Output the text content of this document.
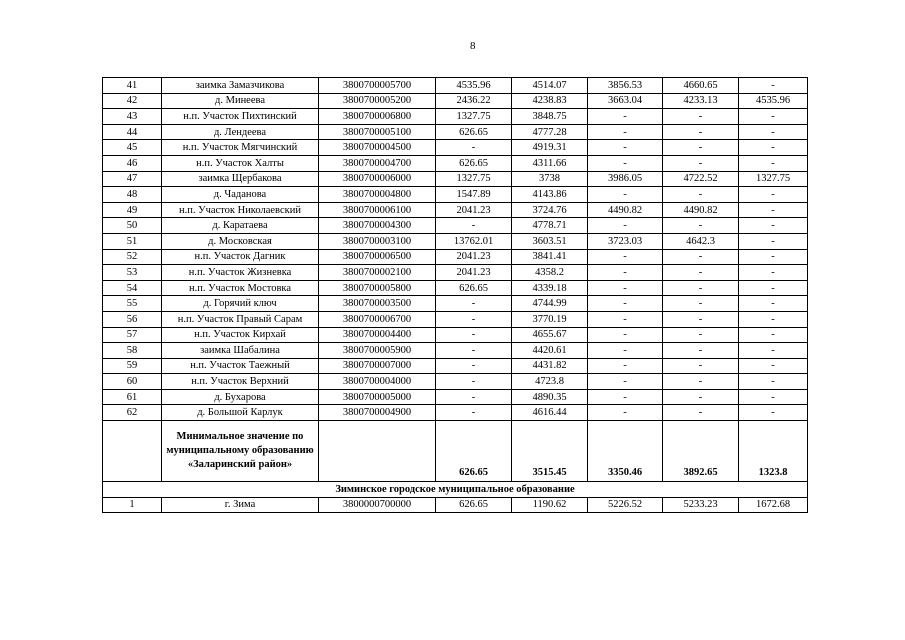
8
41	заимка Замазчикова	3800700005700	4535.96	4514.07	3856.53	4660.65	-
42	д. Минеева	3800700005200	2436.22	4238.83	3663.04	4233.13	4535.96
43	н.п. Участок Пихтинский	3800700006800	1327.75	3848.75	-	-	-
44	д. Лендеева	3800700005100	626.65	4777.28	-	-	-
45	н.п. Участок Мягчинский	3800700004500	-	4919.31	-	-	-
46	н.п. Участок Халты	3800700004700	626.65	4311.66	-	-	-
47	заимка Щербакова	3800700006000	1327.75	3738	3986.05	4722.52	1327.75
48	д. Чаданова	3800700004800	1547.89	4143.86	-	-	-
49	н.п. Участок Николаевский	3800700006100	2041.23	3724.76	4490.82	4490.82	-
50	д. Каратаева	3800700004300	-	4778.71	-	-	-
51	д. Московская	3800700003100	13762.01	3603.51	3723.03	4642.3	-
52	н.п. Участок Дагник	3800700006500	2041.23	3841.41	-	-	-
53	н.п. Участок Жизневка	3800700002100	2041.23	4358.2	-	-	-
54	н.п. Участок Мостовка	3800700005800	626.65	4339.18	-	-	-
55	д. Горячий ключ	3800700003500	-	4744.99	-	-	-
56	н.п. Участок Правый Сарам	3800700006700	-	3770.19	-	-	-
57	н.п. Участок Кирхай	3800700004400	-	4655.67	-	-	-
58	заимка Шабалина	3800700005900	-	4420.61	-	-	-
59	н.п. Участок Таежный	3800700007000	-	4431.82	-	-	-
60	н.п. Участок Верхний	3800700004000	-	4723.8	-	-	-
61	д. Бухарова	3800700005000	-	4890.35	-	-	-
62	д. Большой Карлук	3800700004900	-	4616.44	-	-	-
	Минимальное значение по муниципальному образованию «Заларинский район»		626.65	3515.45	3350.46	3892.65	1323.8
Зиминское городское муниципальное образование							
1	г. Зима	3800000700000	626.65	1190.62	5226.52	5233.23	1672.68
